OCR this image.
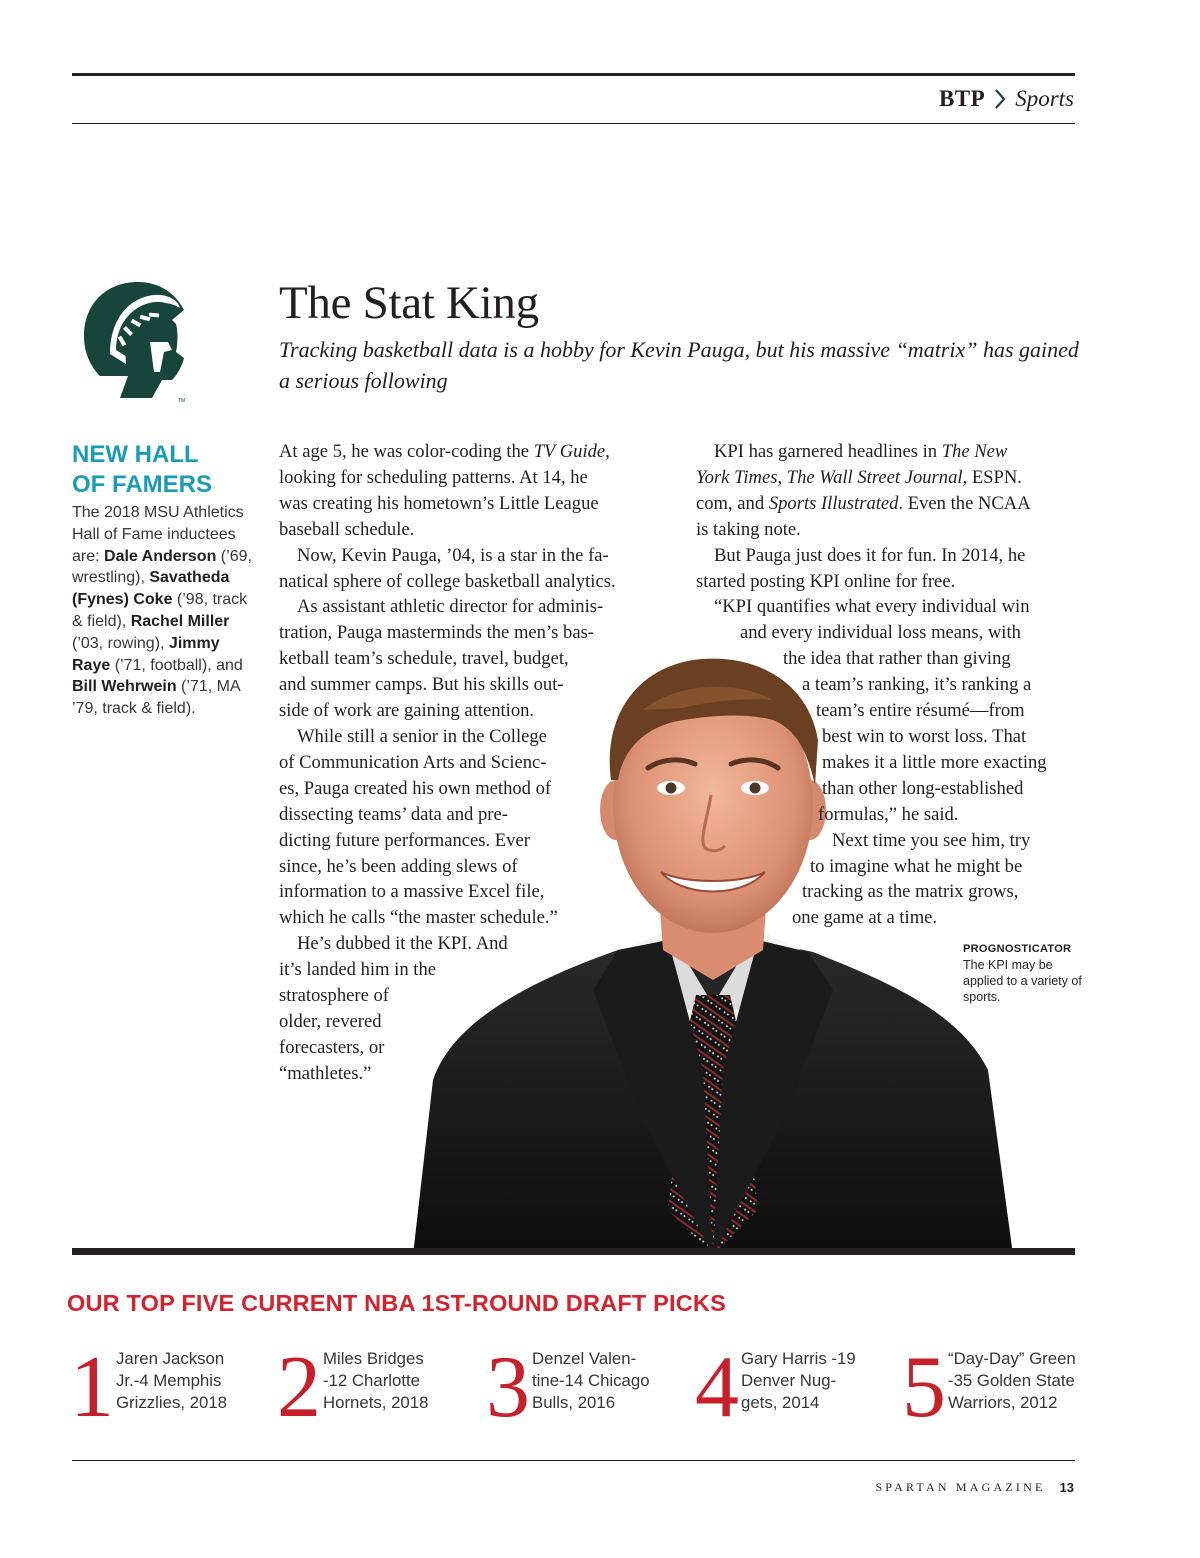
BTP Sports
TM
The Stat King

Tracking basketball data is a hobby for Kevin Pauga, but his massive “matrix” has gained a serious following

NEW HALL
OF FAMERS
The 2018 MSU Athletics Hall of Fame inductees are: Dale Anderson (’69, wrestling), Savatheda (Fynes) Coke (’98, track & field), Rachel Miller (’03, rowing), Jimmy Raye (’71, football), and Bill Wehrwein (’71, MA ’79, track & field).
At age 5, he was color-coding the TV Guide,
looking for scheduling patterns. At 14, he
was creating his hometown’s Little League
baseball schedule.
Now, Kevin Pauga, ’04, is a star in the fa-
natical sphere of college basketball analytics.
As assistant athletic director for adminis-
tration, Pauga masterminds the men’s bas-
ketball team’s schedule, travel, budget,
and summer camps. But his skills out-
side of work are gaining attention.
While still a senior in the College
of Communication Arts and Scienc-
es, Pauga created his own method of
dissecting teams’ data and pre-
dicting future performances. Ever
since, he’s been adding slews of
information to a massive Excel file,
which he calls “the master schedule.”
He’s dubbed it the KPI. And
it’s landed him in the
stratosphere of
older, revered
forecasters, or
“mathletes.”
KPI has garnered headlines in The New
York Times, The Wall Street Journal, ESPN.
com, and Sports Illustrated. Even the NCAA
is taking note.
But Pauga just does it for fun. In 2014, he
started posting KPI online for free.
“KPI quantifies what every individual win
and every individual loss means, with
the idea that rather than giving
a team’s ranking, it’s ranking a
team’s entire résumé—from
best win to worst loss. That
makes it a little more exacting
than other long-established
formulas,” he said.
Next time you see him, try
to imagine what he might be
tracking as the matrix grows,
one game at a time.
PROGNOSTICATOR
The KPI may be applied to a variety of sports.
OUR TOP FIVE CURRENT NBA 1ST-ROUND DRAFT PICKS
1 Jaren Jackson
Jr.-4 Memphis
Grizzlies, 2018 2 Miles Bridges
-12 Charlotte
Hornets, 2018 3 Denzel Valen-
tine-14 Chicago
Bulls, 2016 4 Gary Harris -19
Denver Nug-
gets, 2014 5 “Day-Day” Green
-35 Golden State
Warriors, 2012
SPARTAN MAGAZINE 13
